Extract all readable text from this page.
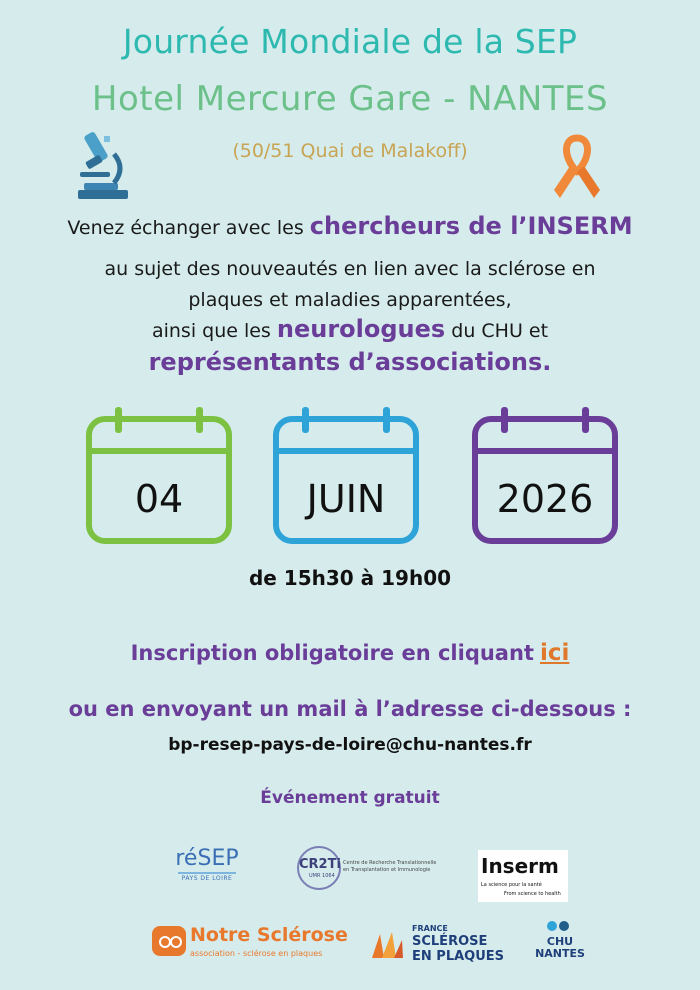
Journée Mondiale de la SEP
Hotel Mercure Gare - NANTES
(50/51 Quai de Malakoff)
Venez échanger avec les chercheurs de l’INSERM
au sujet des nouveautés en lien avec la sclérose en
plaques et maladies apparentées,
ainsi que les neurologues du CHU et
représentants d’associations.
04	JUIN	2026
de 15h30 à 19h00
Inscription obligatoire en cliquant ici
ou en envoyant un mail à l’adresse ci-dessous :
bp-resep-pays-de-loire@chu-nantes.fr
Événement gratuit
réSEP
PAYS DE LOIRE
CR2Ti
UMR 1064
Centre de Recherche Translationnelle
en Transplantation et Immunologie	Inserm
La science pour la santé
From science to health
Notre Sclérose
association - sclérose en plaques
FRANCE
SCLÉROSE
EN PLAQUES
CHU
NANTES
